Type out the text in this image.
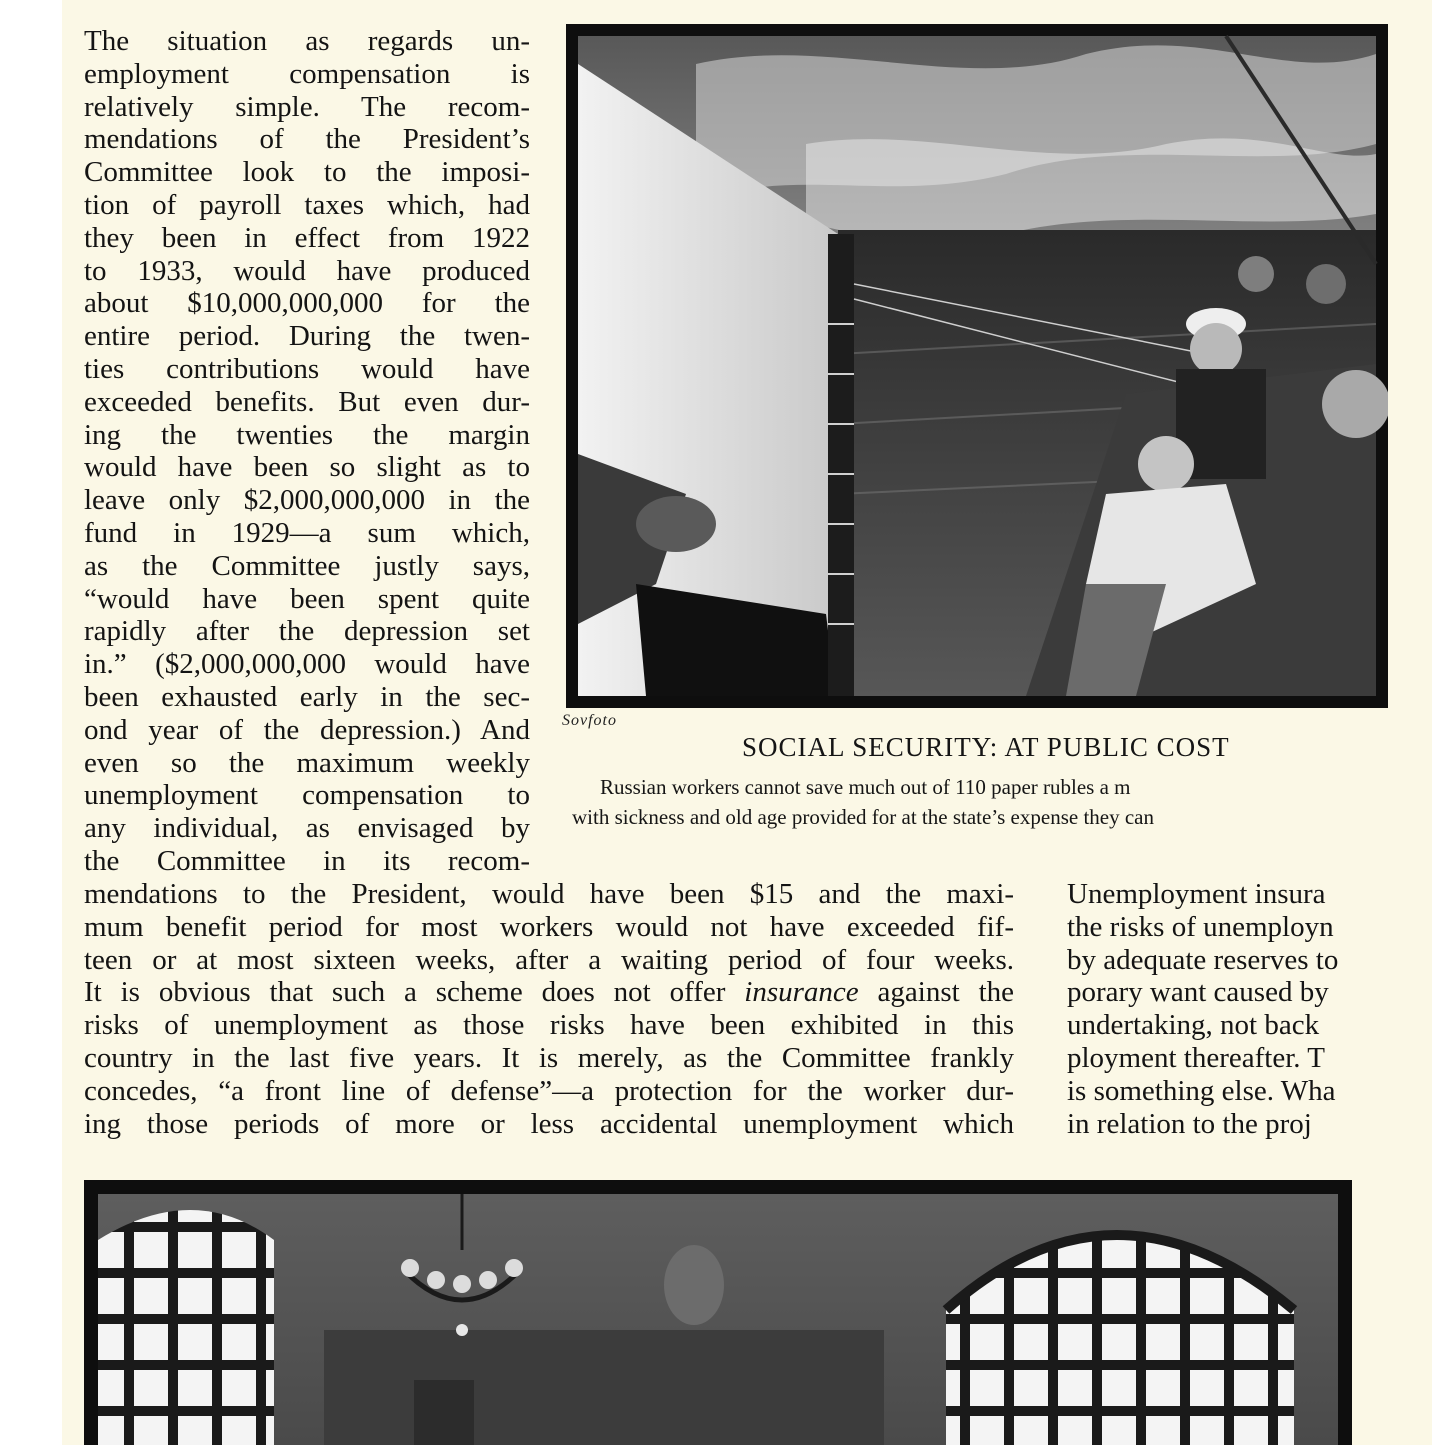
The situation as regards un-
employment compensation is
relatively simple. The recom-
mendations of the President’s
Committee look to the imposi-
tion of payroll taxes which, had
they been in effect from 1922
to 1933, would have produced
about $10,000,000,000 for the
entire period. During the twen-
ties contributions would have
exceeded benefits. But even dur-
ing the twenties the margin
would have been so slight as to
leave only $2,000,000,000 in the
fund in 1929—a sum which,
as the Committee justly says,
“would have been spent quite
rapidly after the depression set
in.” ($2,000,000,000 would have
been exhausted early in the sec-
ond year of the depression.) And
even so the maximum weekly
unemployment compensation to
any individual, as envisaged by
the Committee in its recom-
Sovfoto
SOCIAL SECURITY: AT PUBLIC COST
Russian workers cannot save much out of 110 paper rubles a m
with sickness and old age provided for at the state’s expense they can
mendations to the President, would have been $15 and the maxi-
mum benefit period for most workers would not have exceeded fif-
teen or at most sixteen weeks, after a waiting period of four weeks.
It is obvious that such a scheme does not offer insurance against the
risks of unemployment as those risks have been exhibited in this
country in the last five years. It is merely, as the Committee frankly
concedes, “a front line of defense”—a protection for the worker dur-
ing those periods of more or less accidental unemployment which
Unemployment insura
the risks of unemployn
by adequate reserves to
porary want caused by
undertaking, not back
ployment thereafter. T
is something else. Wha
in relation to the proj
